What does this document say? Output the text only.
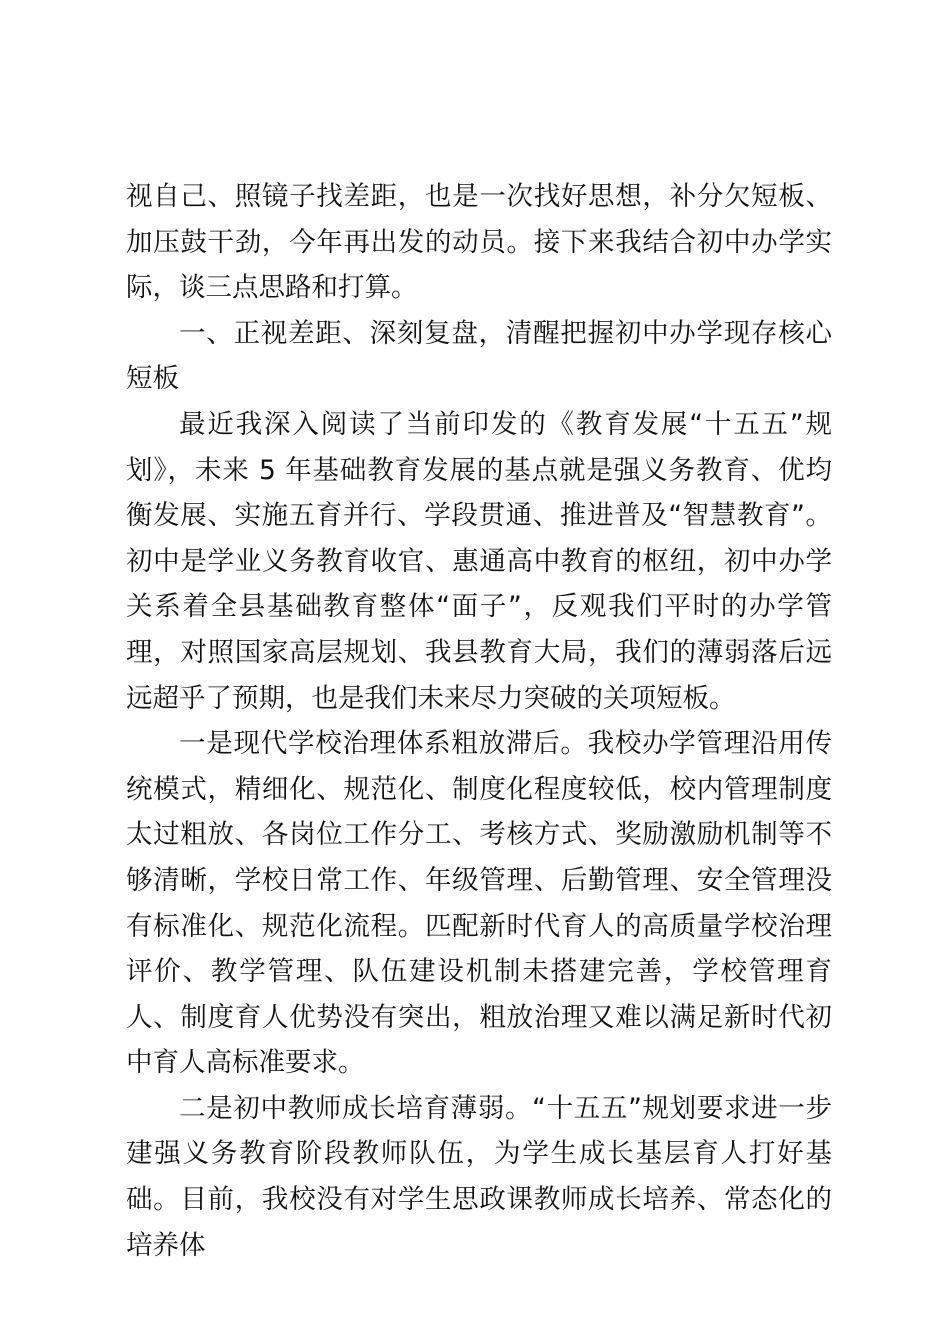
视自己、照镜子找差距，也是一次找好思想，补分欠短板、加压鼓干劲，今年再出发的动员。接下来我结合初中办学实际，谈三点思路和打算。

一、正视差距、深刻复盘，清醒把握初中办学现存核心短板

最近我深入阅读了当前印发的《教育发展“十五五”规划》，未来 5 年基础教育发展的基点就是强义务教育、优均衡发展、实施五育并行、学段贯通、推进普及“智慧教育”。初中是学业义务教育收官、惠通高中教育的枢纽，初中办学关系着全县基础教育整体“面子”，反观我们平时的办学管理，对照国家高层规划、我县教育大局，我们的薄弱落后远远超乎了预期，也是我们未来尽力突破的关项短板。

一是现代学校治理体系粗放滞后。我校办学管理沿用传统模式，精细化、规范化、制度化程度较低，校内管理制度太过粗放、各岗位工作分工、考核方式、奖励激励机制等不够清晰，学校日常工作、年级管理、后勤管理、安全管理没有标准化、规范化流程。匹配新时代育人的高质量学校治理评价、教学管理、队伍建设机制未搭建完善，学校管理育人、制度育人优势没有突出，粗放治理又难以满足新时代初中育人高标准要求。

二是初中教师成长培育薄弱。“十五五”规划要求进一步建强义务教育阶段教师队伍，为学生成长基层育人打好基础。目前，我校没有对学生思政课教师成长培养、常态化的培养体
